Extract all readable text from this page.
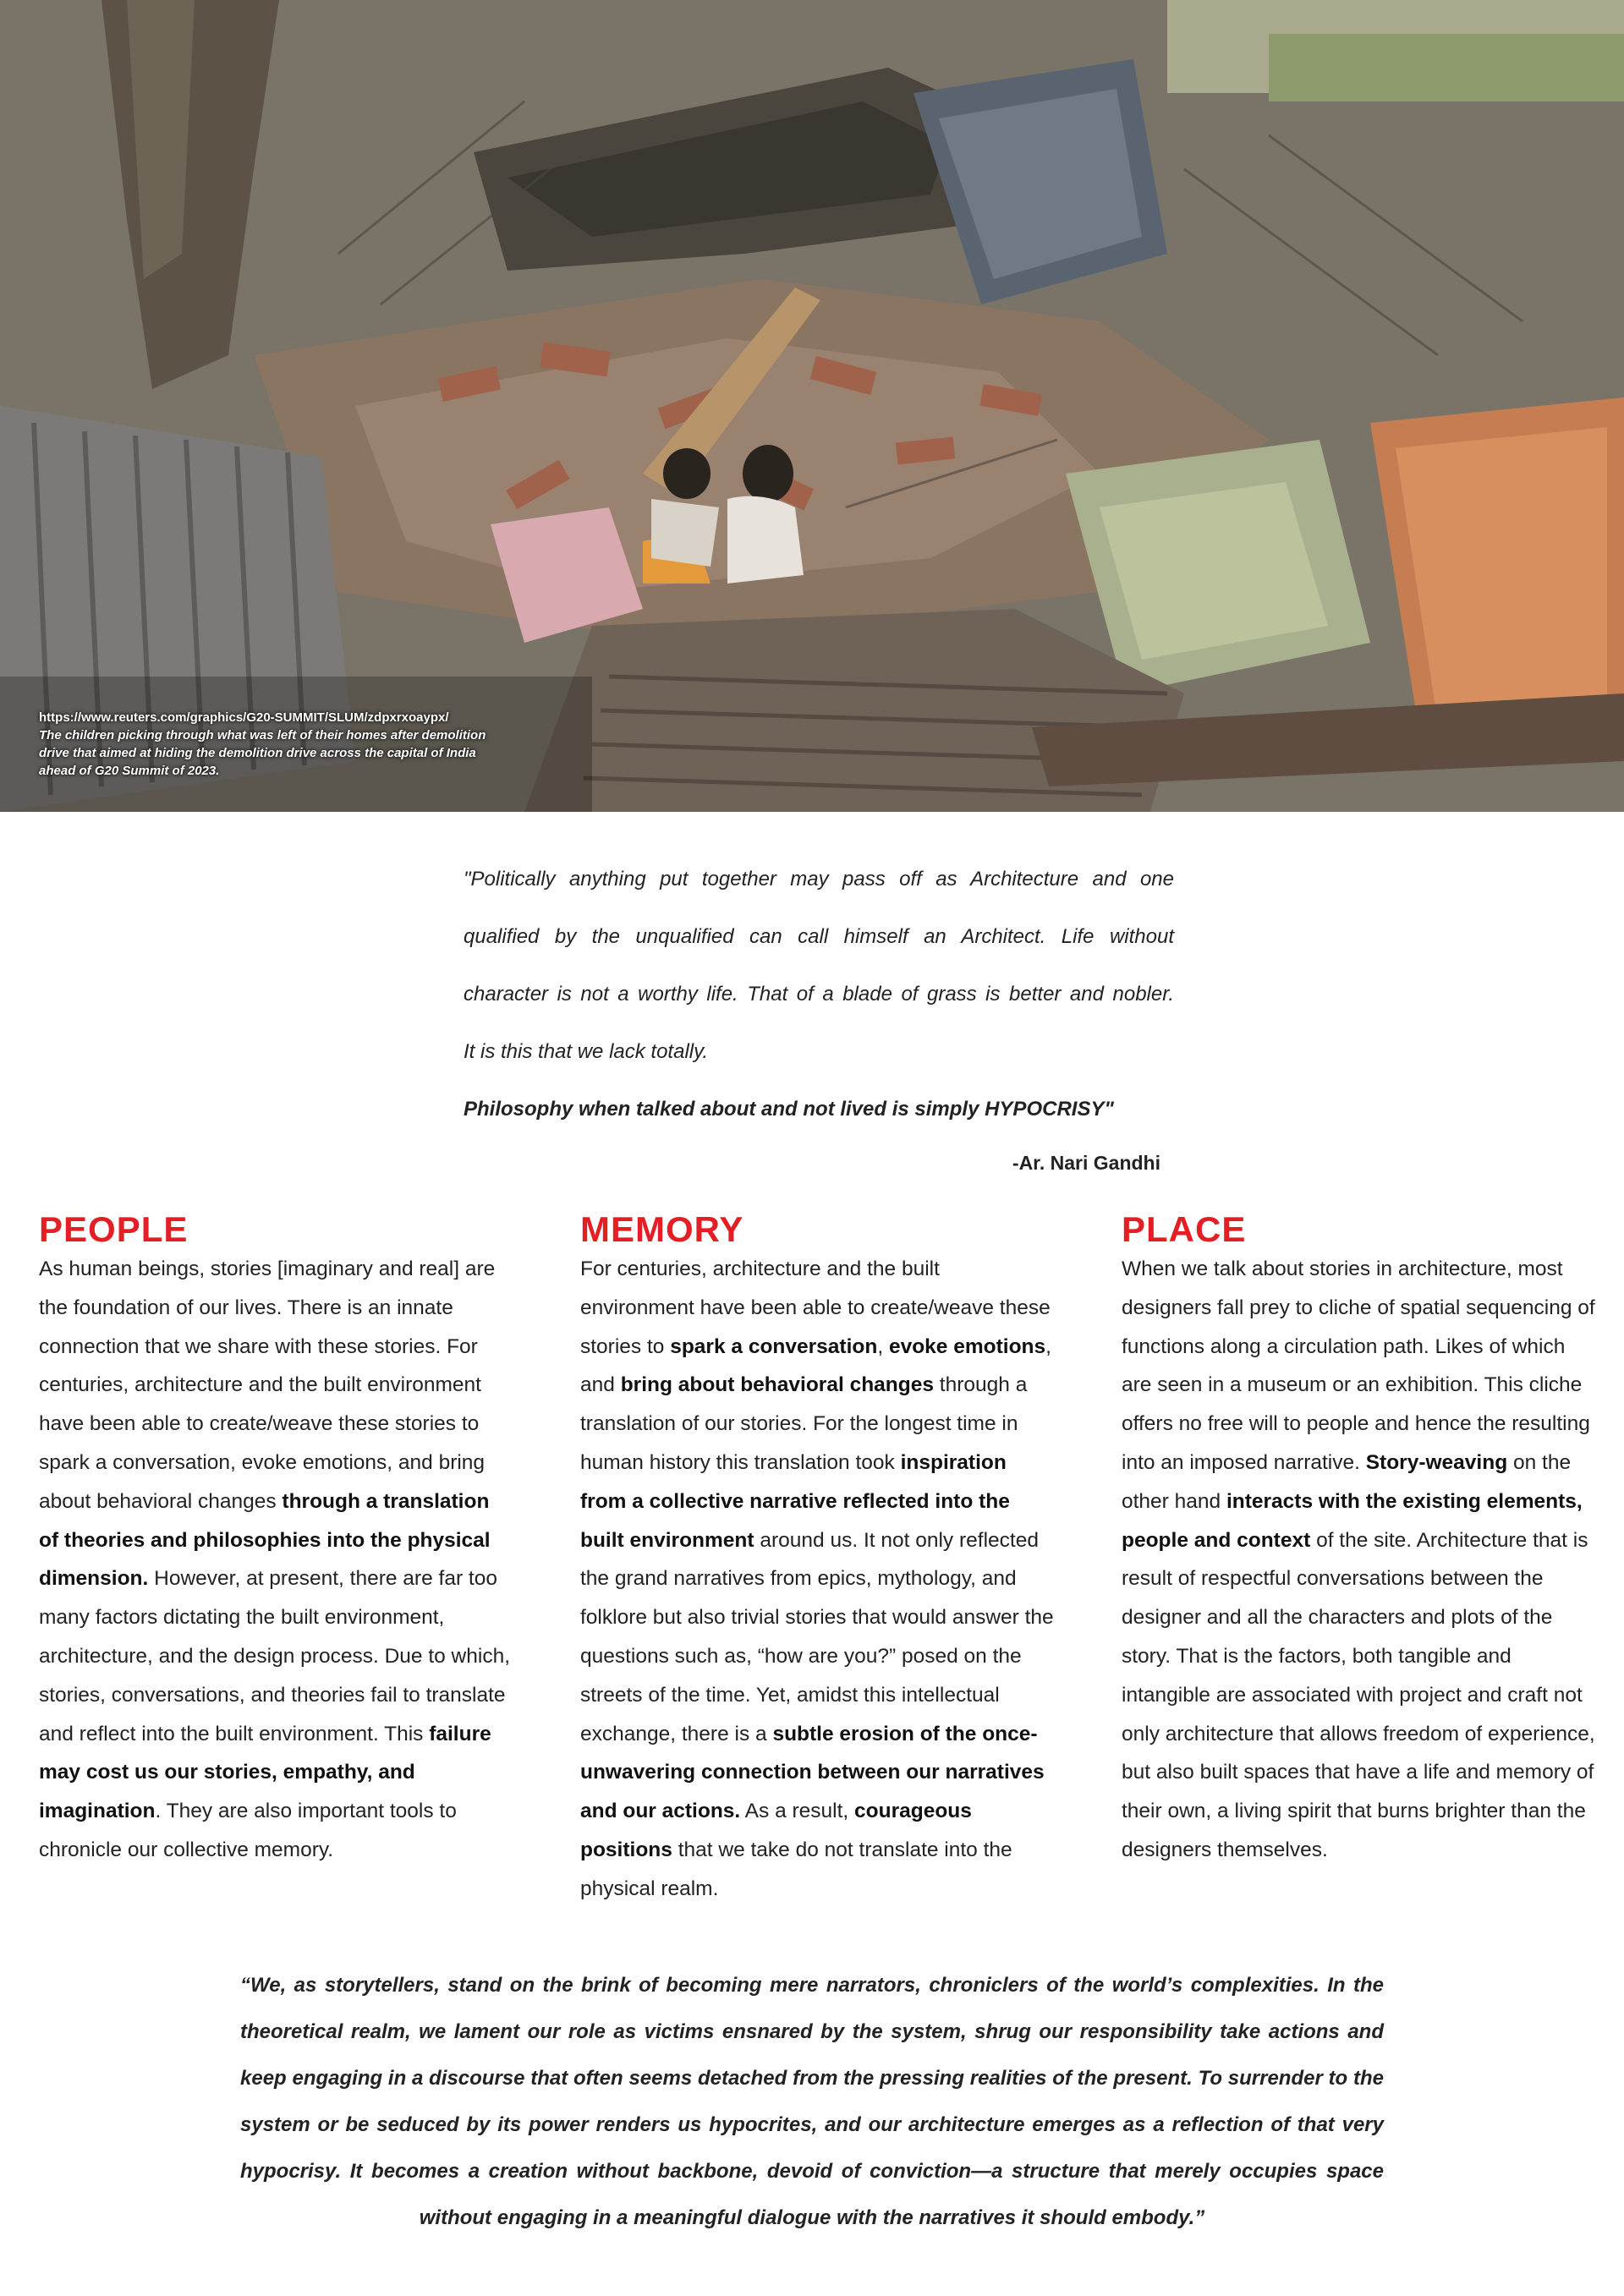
https://www.reuters.com/graphics/G20-SUMMIT/SLUM/zdpxrxoaypx/
The children picking through what was left of their homes after demolition drive that aimed at hiding the demolition drive across the capital of India ahead of G20 Summit of 2023.
"Politically anything put together may pass off as Architecture and one
qualified by the unqualified can call himself an Architect. Life without
character is not a worthy life. That of a blade of grass is better and nobler.
It is this that we lack totally.
Philosophy when talked about and not lived is simply HYPOCRISY"
-Ar. Nari Gandhi
PEOPLE

As human beings, stories [imaginary and real] are the foundation of our lives. There is an innate connection that we share with these stories. For centuries, architecture and the built environment have been able to create/weave these stories to spark a conversation, evoke emotions, and bring about behavioral changes through a translation of theories and philosophies into the physical dimension. However, at present, there are far too many factors dictating the built environment, architecture, and the design process. Due to which, stories, conversations, and theories fail to translate and reflect into the built environment. This failure may cost us our stories, empathy, and imagination. They are also important tools to chronicle our collective memory.

MEMORY

For centuries, architecture and the built environment have been able to create/weave these stories to spark a conversation, evoke emotions, and bring about behavioral changes through a translation of our stories. For the longest time in human history this translation took inspiration from a collective narrative reflected into the built environment around us. It not only reflected the grand narratives from epics, mythology, and folklore but also trivial stories that would answer the questions such as, “how are you?” posed on the streets of the time. Yet, amidst this intellectual exchange, there is a subtle erosion of the once-unwavering connection between our narratives and our actions. As a result, courageous positions that we take do not translate into the physical realm.

PLACE

When we talk about stories in architecture, most designers fall prey to cliche of spatial sequencing of functions along a circulation path. Likes of which are seen in a museum or an exhibition. This cliche offers no free will to people and hence the resulting into an imposed narrative. Story-weaving on the other hand interacts with the existing elements, people and context of the site. Architecture that is result of respectful conversations between the designer and all the characters and plots of the story. That is the factors, both tangible and intangible are associated with project and craft not only architecture that allows freedom of experience, but also built spaces that have a life and memory of their own, a living spirit that burns brighter than the designers themselves.

“We, as storytellers, stand on the brink of becoming mere narrators, chroniclers of the world’s complexities. In the theoretical realm, we lament our role as victims ensnared by the system, shrug our responsibility take actions and keep engaging in a discourse that often seems detached from the pressing realities of the present. To surrender to the system or be seduced by its power renders us hypocrites, and our architecture emerges as a reflection of that very hypocrisy. It becomes a creation without backbone, devoid of conviction—a structure that merely occupies space without engaging in a meaningful dialogue with the narratives it should embody.”
